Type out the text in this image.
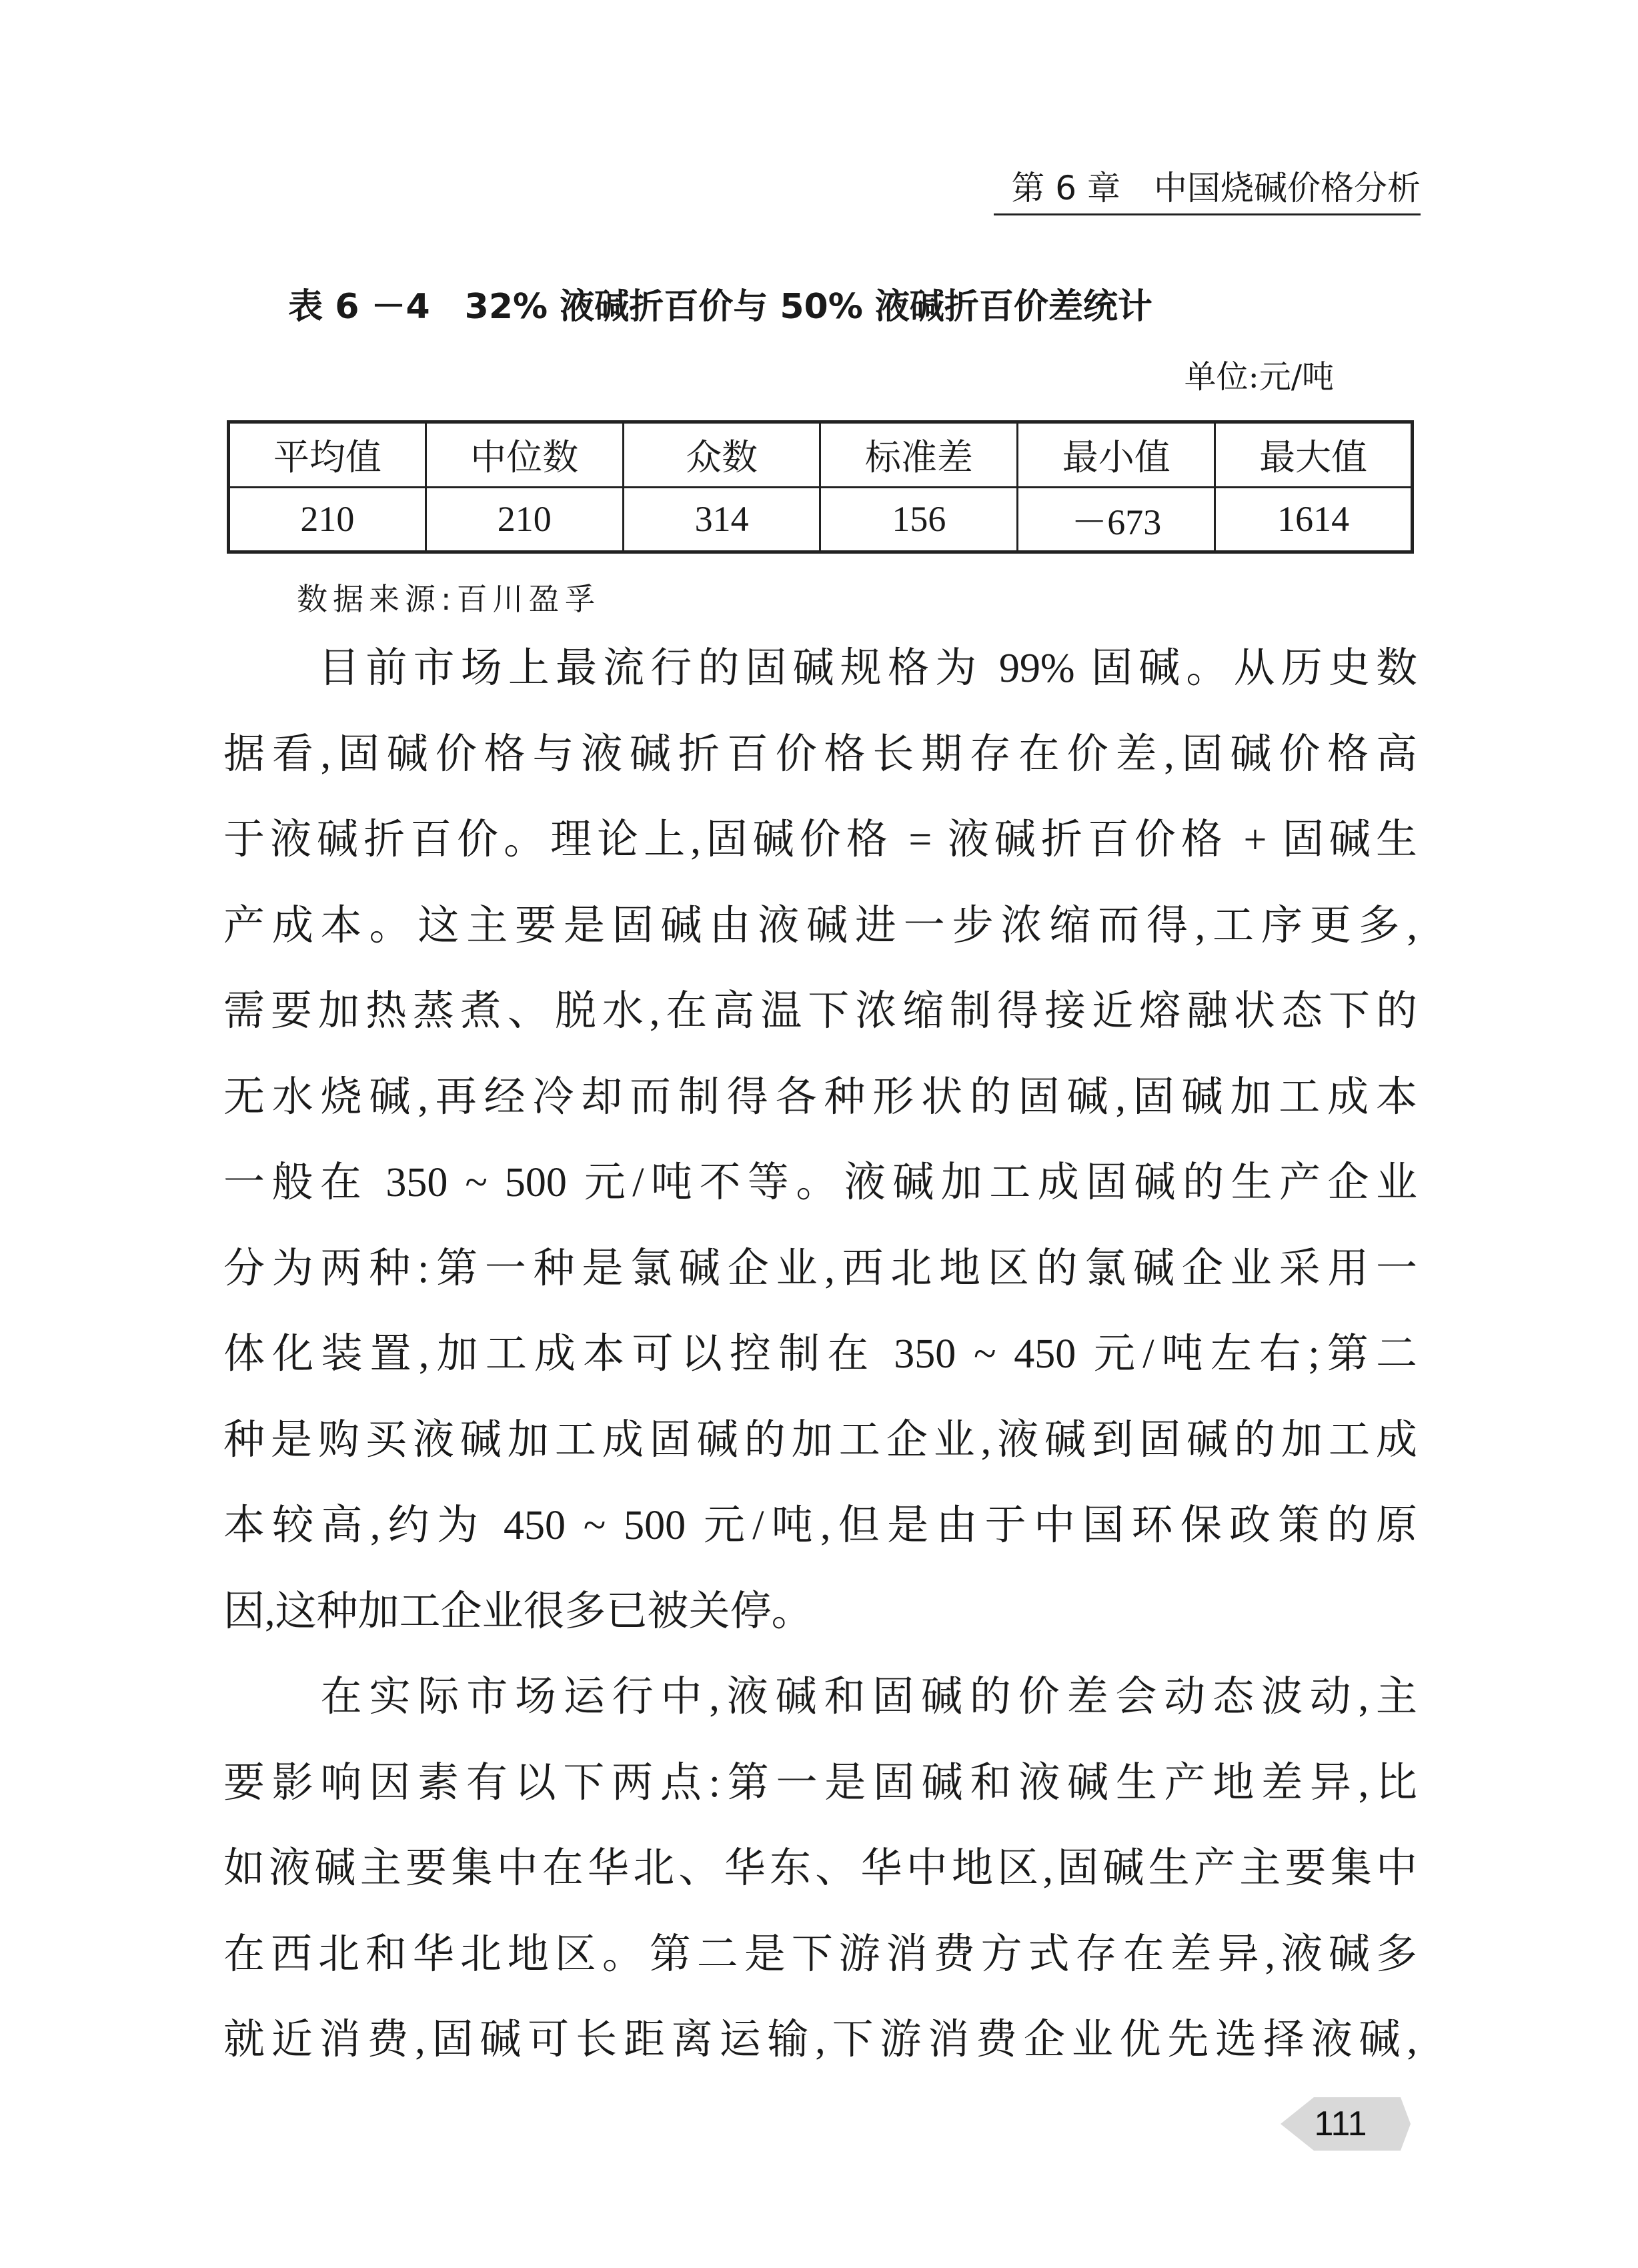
第 6 章　中国烧碱价格分析
表 6 －4　32% 液碱折百价与 50% 液碱折百价差统计
单位:元/吨
平均值	中位数	众数	标准差	最小值	最大值
210	210	314	156	－673	1614
数据来源:百川盈孚
　　目前市场上最流行的固碱规格为 99% 固碱。从历史数
据看,固碱价格与液碱折百价格长期存在价差,固碱价格高
于液碱折百价。理论上,固碱价格 = 液碱折百价格 + 固碱生
产成本。这主要是固碱由液碱进一步浓缩而得,工序更多,
需要加热蒸煮、脱水,在高温下浓缩制得接近熔融状态下的
无水烧碱,再经冷却而制得各种形状的固碱,固碱加工成本
一般在 350 ~ 500 元/吨不等。液碱加工成固碱的生产企业
分为两种:第一种是氯碱企业,西北地区的氯碱企业采用一
体化装置,加工成本可以控制在 350 ~ 450 元/吨左右;第二
种是购买液碱加工成固碱的加工企业,液碱到固碱的加工成
本较高,约为 450 ~ 500 元/吨,但是由于中国环保政策的原
因,这种加工企业很多已被关停。
　　在实际市场运行中,液碱和固碱的价差会动态波动,主
要影响因素有以下两点:第一是固碱和液碱生产地差异,比
如液碱主要集中在华北、华东、华中地区,固碱生产主要集中
在西北和华北地区。第二是下游消费方式存在差异,液碱多
就近消费,固碱可长距离运输,下游消费企业优先选择液碱,
111
